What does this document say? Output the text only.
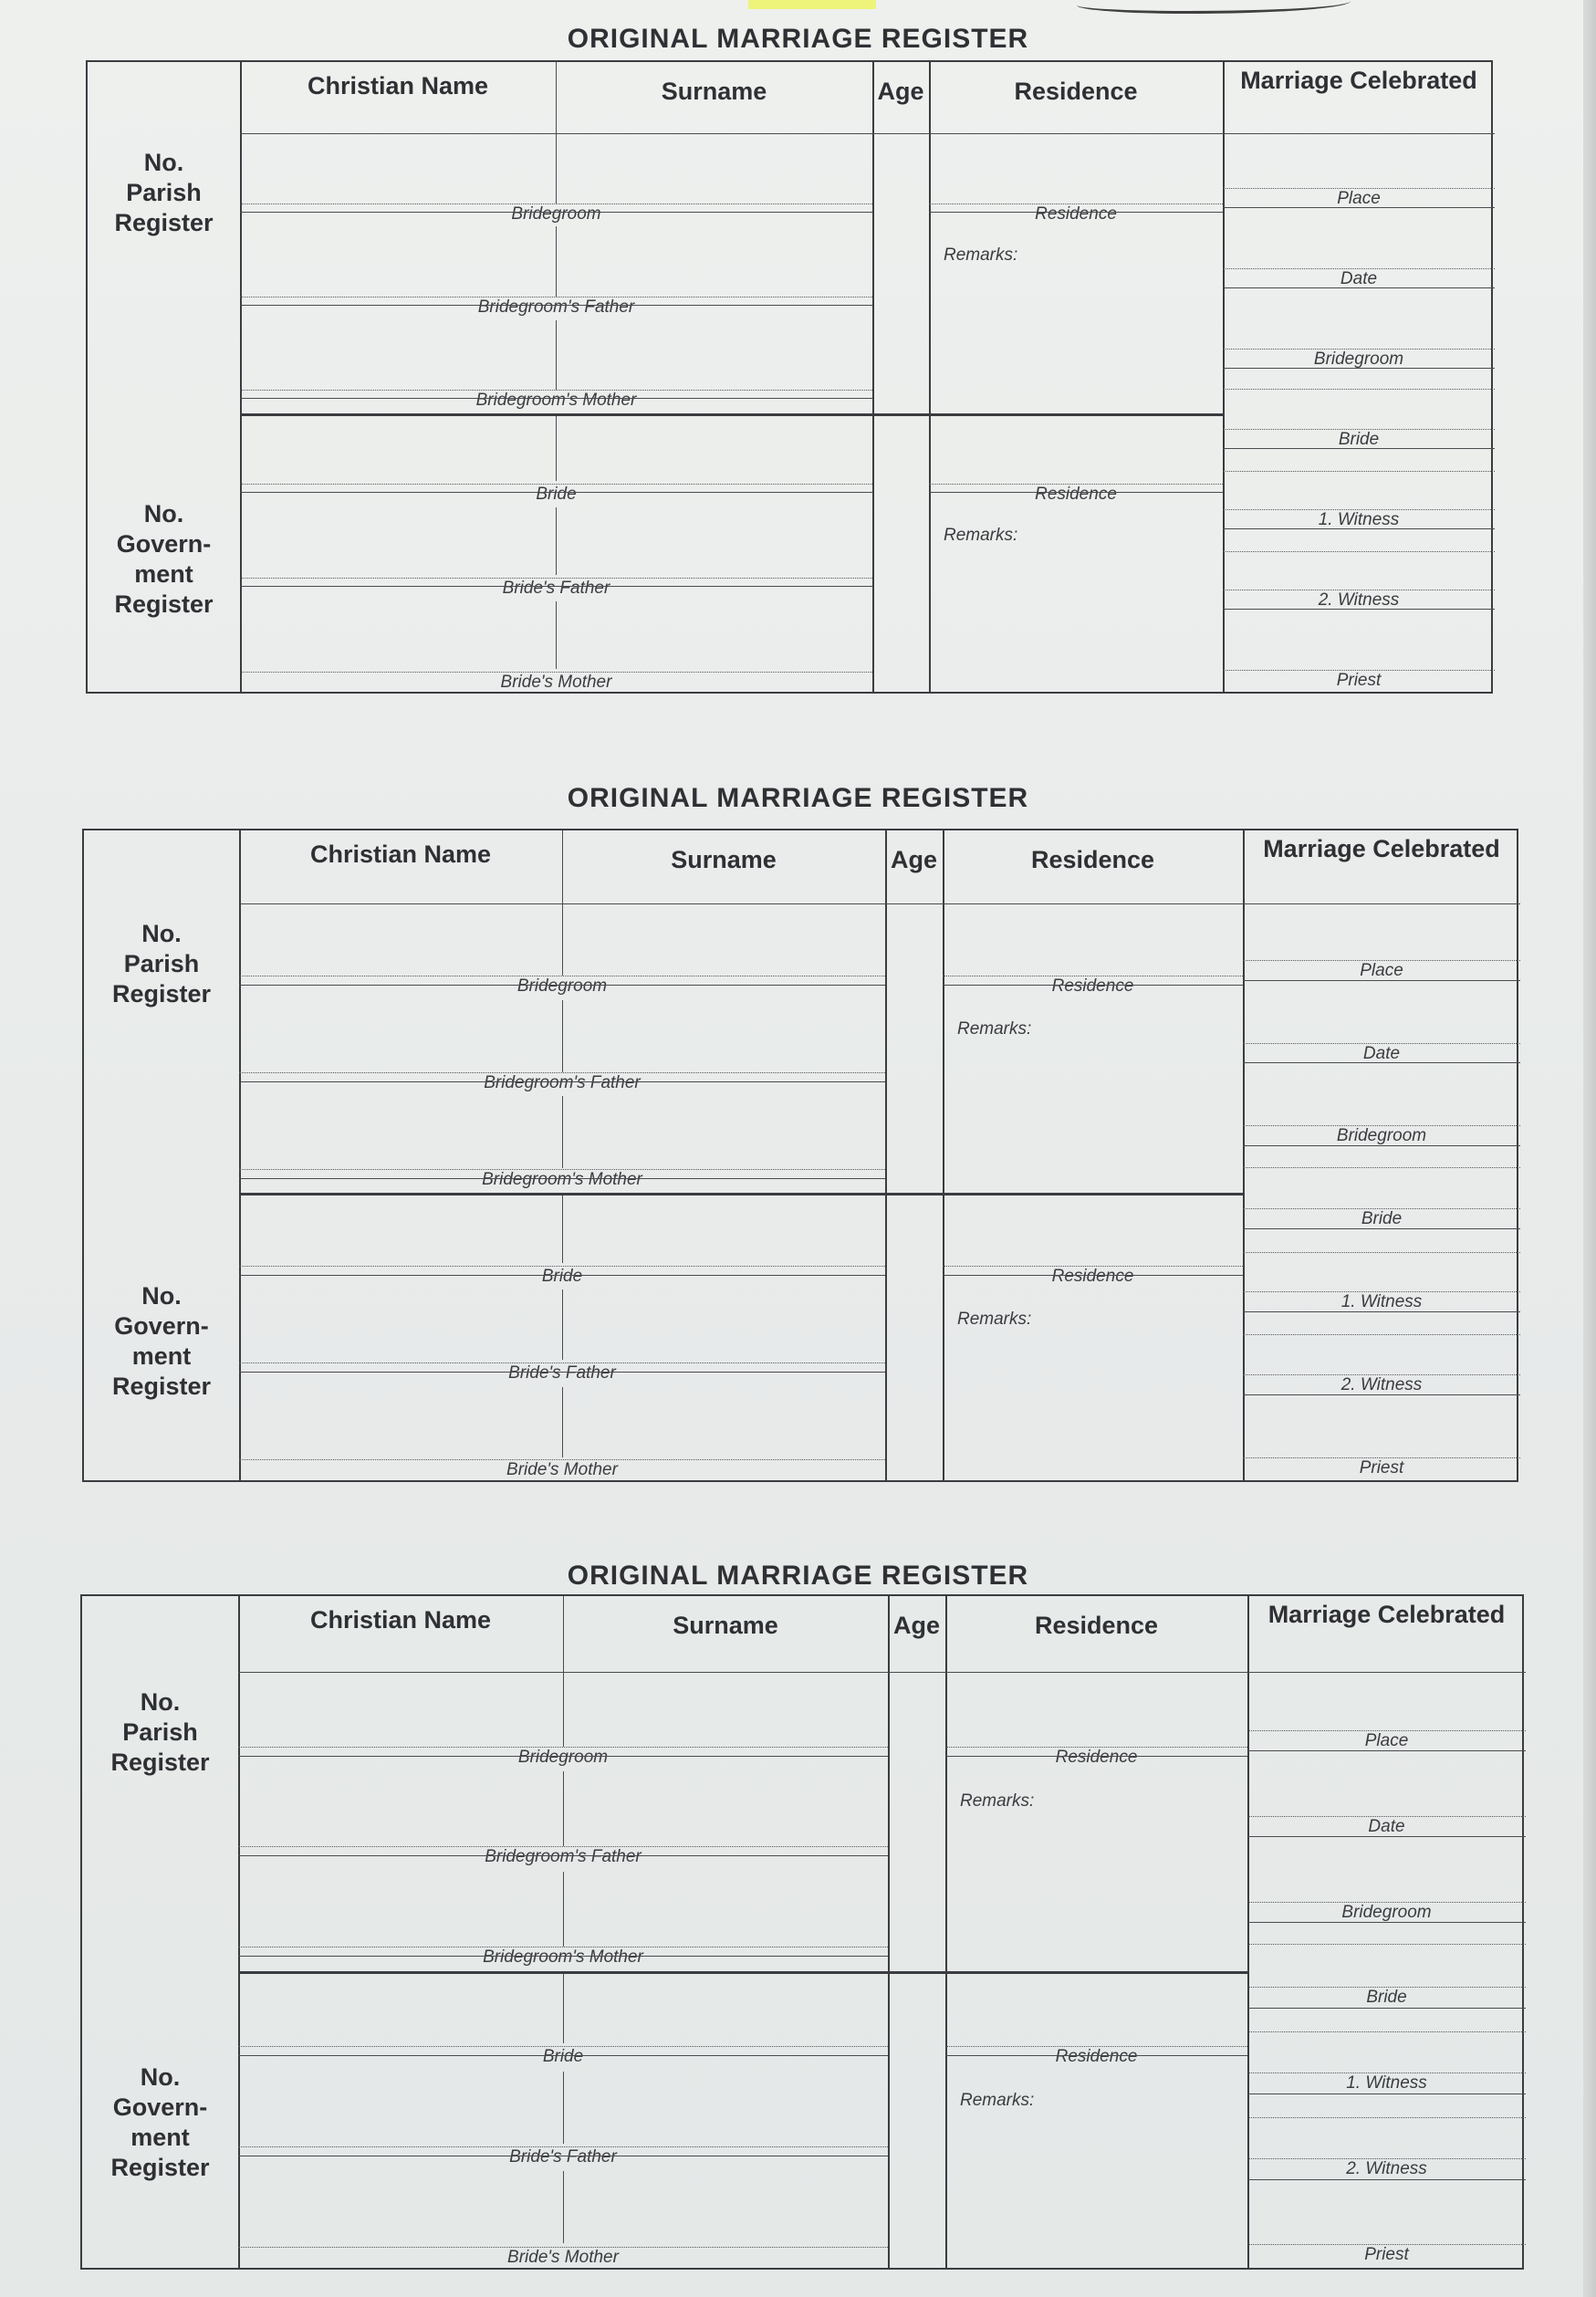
ORIGINAL MARRIAGE REGISTER
Christian Name	Surname	Age	Residence	Marriage Celebrated
No. Parish Register
No. Govern- ment Register
Bridegroom
Bridegroom's Father
Bridegroom's Mother
Bride
Bride's Father
Bride's Mother
Residence
Residence
Remarks:
Remarks:
Place
Date
Bridegroom
Bride
1. Witness
2. Witness
Priest
ORIGINAL MARRIAGE REGISTER
Christian Name	Surname	Age	Residence	Marriage Celebrated
No. Parish Register
No. Govern- ment Register
Bridegroom
Bridegroom's Father
Bridegroom's Mother
Bride
Bride's Father
Bride's Mother
Residence
Residence
Remarks:
Remarks:
Place
Date
Bridegroom
Bride
1. Witness
2. Witness
Priest
ORIGINAL MARRIAGE REGISTER
Christian Name	Surname	Age	Residence	Marriage Celebrated
No. Parish Register
No. Govern- ment Register
Bridegroom
Bridegroom's Father
Bridegroom's Mother
Bride
Bride's Father
Bride's Mother
Residence
Residence
Remarks:
Remarks:
Place
Date
Bridegroom
Bride
1. Witness
2. Witness
Priest
